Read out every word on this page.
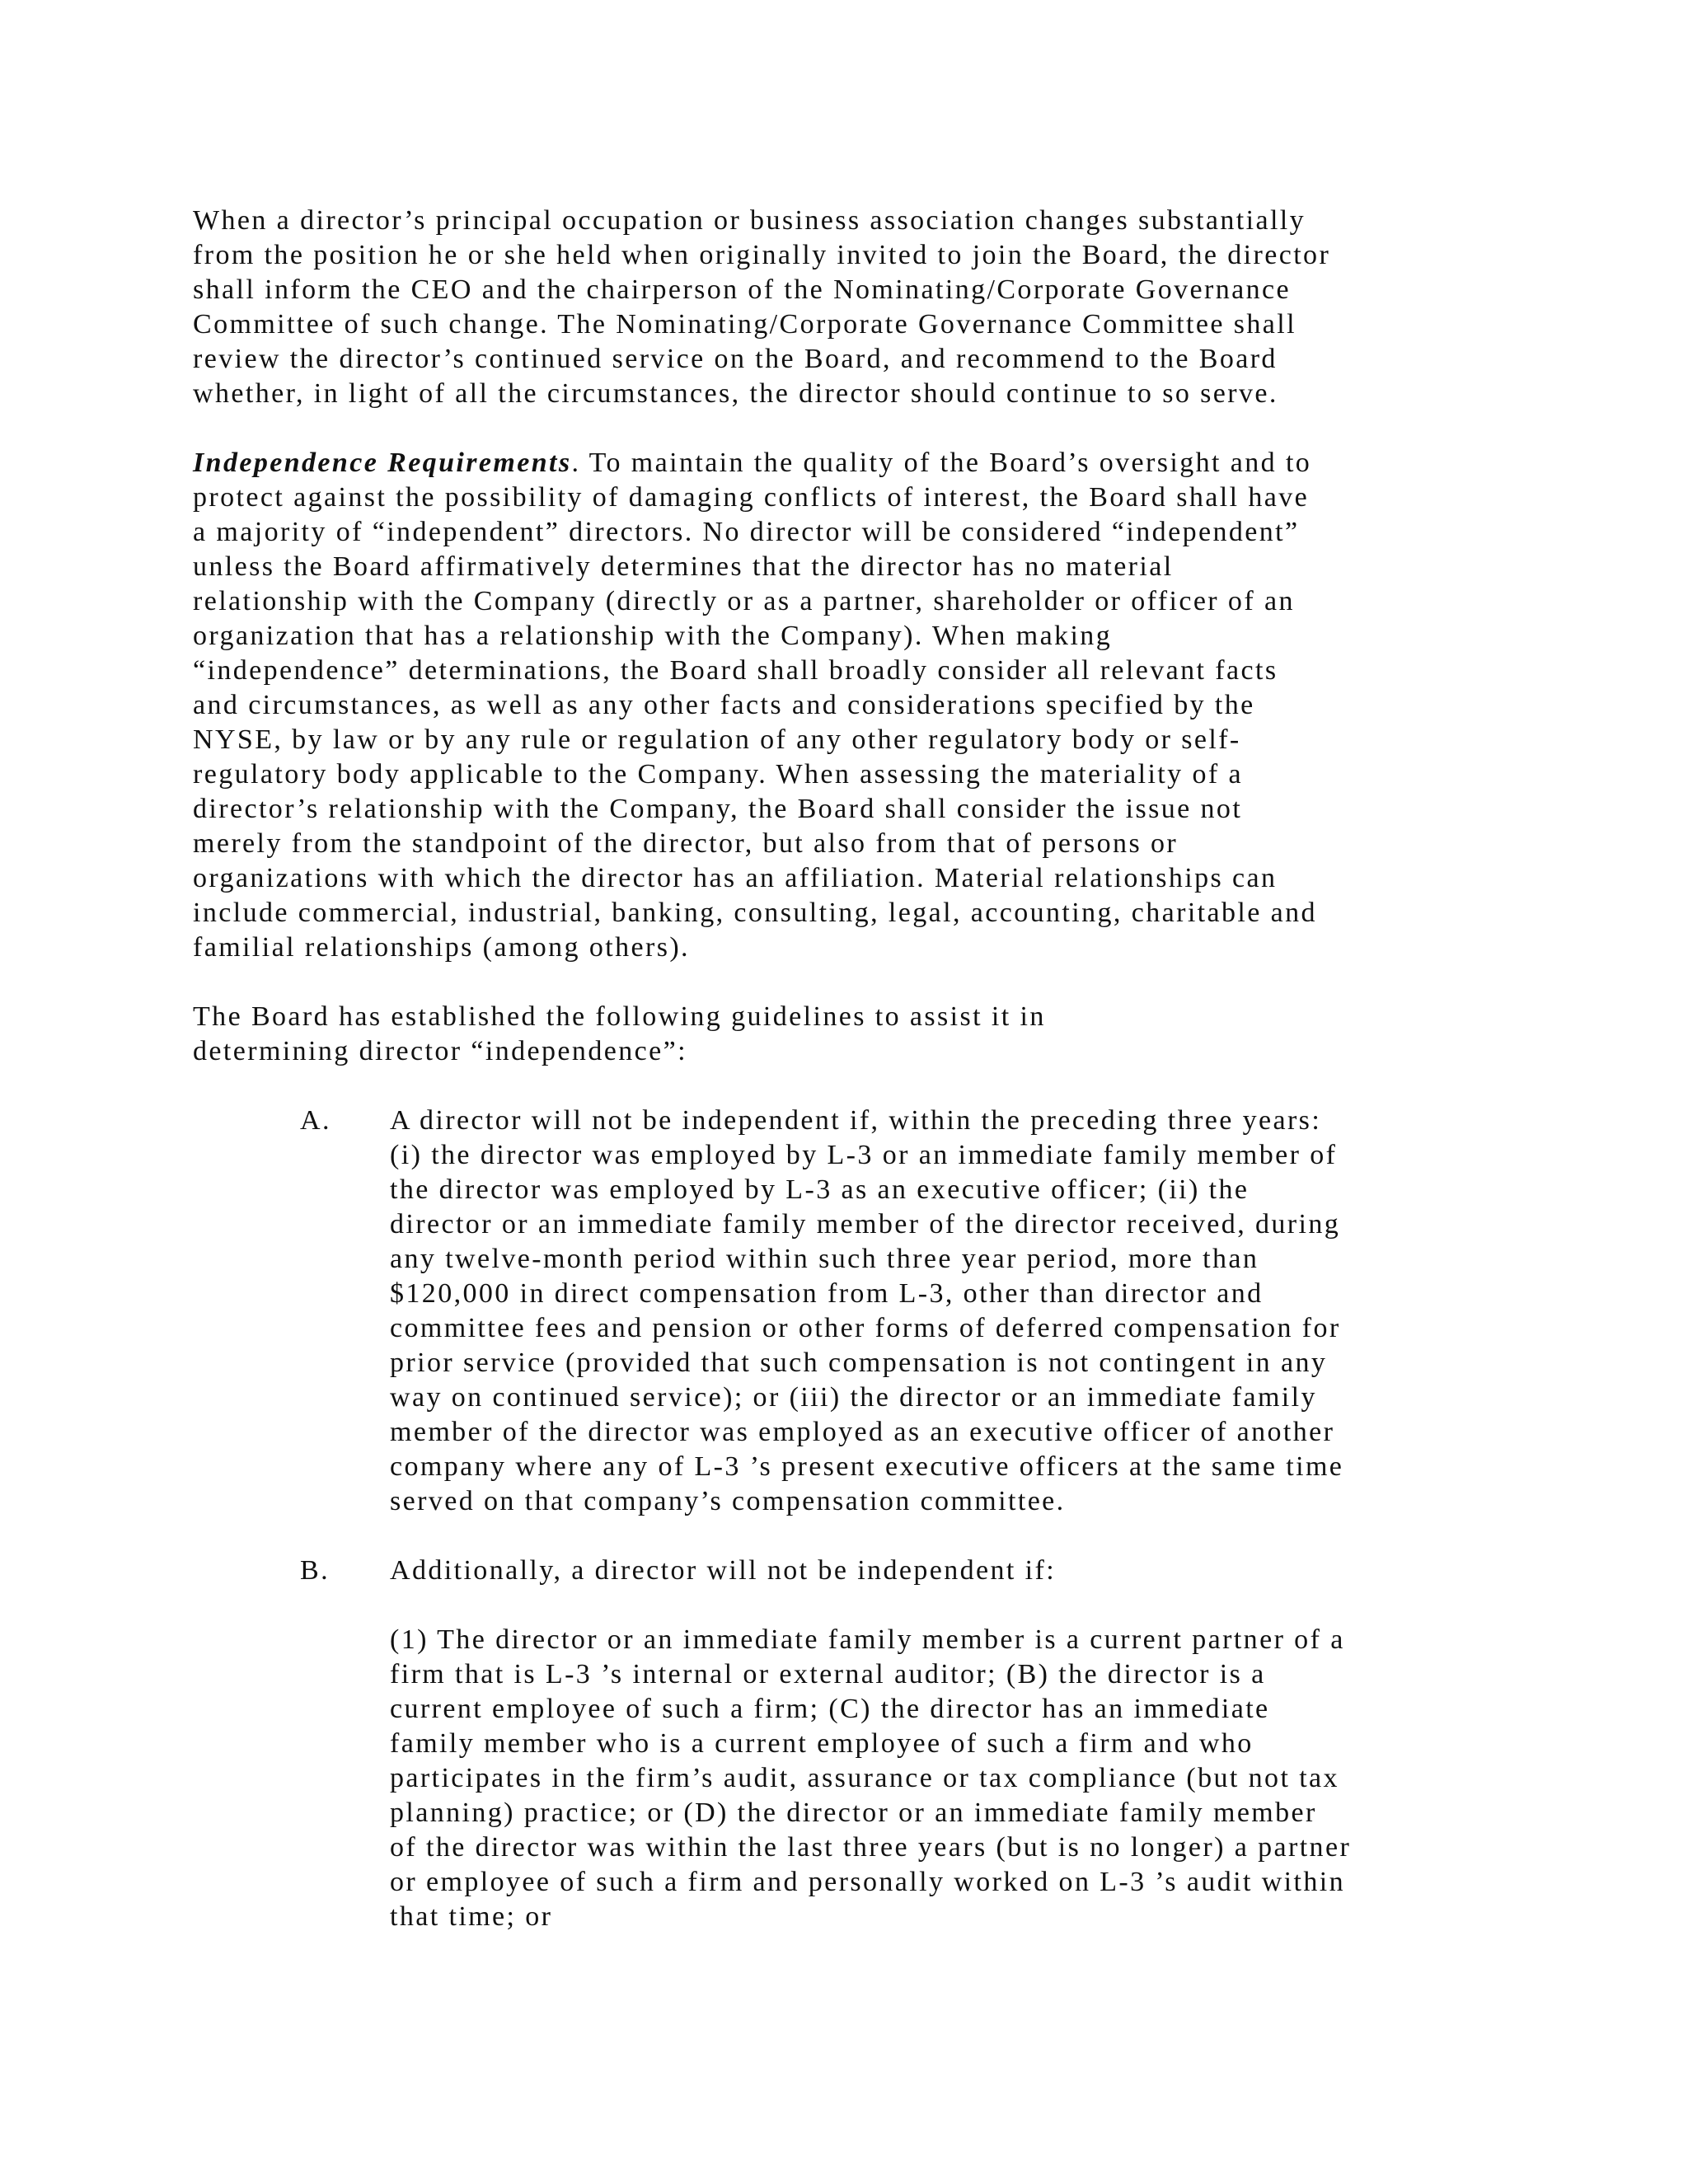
When a director’s principal occupation or business association changes substantially
from the position he or she held when originally invited to join the Board, the director
shall inform the CEO and the chairperson of the Nominating/Corporate Governance
Committee of such change. The Nominating/Corporate Governance Committee shall
review the director’s continued service on the Board, and recommend to the Board
whether, in light of all the circumstances, the director should continue to so serve.
Independence Requirements. To maintain the quality of the Board’s oversight and to
protect against the possibility of damaging conflicts of interest, the Board shall have
a majority of “independent” directors. No director will be considered “independent”
unless the Board affirmatively determines that the director has no material
relationship with the Company (directly or as a partner, shareholder or officer of an
organization that has a relationship with the Company). When making
“independence” determinations, the Board shall broadly consider all relevant facts
and circumstances, as well as any other facts and considerations specified by the
NYSE, by law or by any rule or regulation of any other regulatory body or self-
regulatory body applicable to the Company. When assessing the materiality of a
director’s relationship with the Company, the Board shall consider the issue not
merely from the standpoint of the director, but also from that of persons or
organizations with which the director has an affiliation. Material relationships can
include commercial, industrial, banking, consulting, legal, accounting, charitable and
familial relationships (among others).
The Board has established the following guidelines to assist it in
determining director “independence”:
A. A director will not be independent if, within the preceding three years:
(i) the director was employed by L-3 or an immediate family member of
the director was employed by L-3 as an executive officer; (ii) the
director or an immediate family member of the director received, during
any twelve-month period within such three year period, more than
$120,000 in direct compensation from L-3, other than director and
committee fees and pension or other forms of deferred compensation for
prior service (provided that such compensation is not contingent in any
way on continued service); or (iii) the director or an immediate family
member of the director was employed as an executive officer of another
company where any of L-3 ’s present executive officers at the same time
served on that company’s compensation committee.
B. Additionally, a director will not be independent if:
(1) The director or an immediate family member is a current partner of a
firm that is L-3 ’s internal or external auditor; (B) the director is a
current employee of such a firm; (C) the director has an immediate
family member who is a current employee of such a firm and who
participates in the firm’s audit, assurance or tax compliance (but not tax
planning) practice; or (D) the director or an immediate family member
of the director was within the last three years (but is no longer) a partner
or employee of such a firm and personally worked on L-3 ’s audit within
that time; or
